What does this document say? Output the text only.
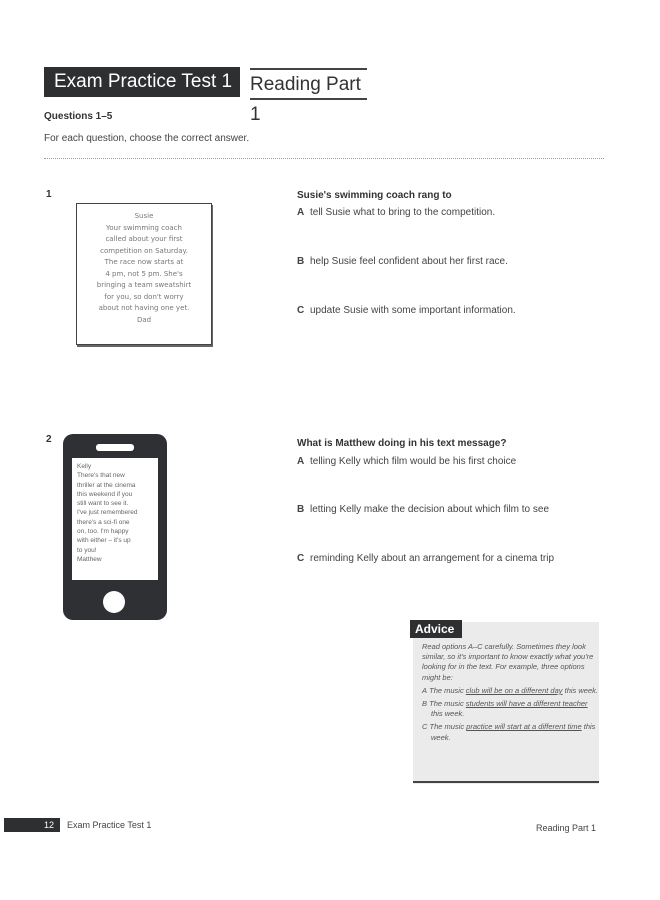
Exam Practice Test 1 Reading Part 1
Questions 1–5
For each question, choose the correct answer.
1
Susie
Your swimming coach
called about your first
competition on Saturday.
The race now starts at
4 pm, not 5 pm. She's
bringing a team sweatshirt
for you, so don't worry
about not having one yet.
Dad
Susie's swimming coach rang to
A tell Susie what to bring to the competition.
B help Susie feel confident about her first race.
C update Susie with some important information.
2
Kelly
There's that new
thriller at the cinema
this weekend if you
still want to see it.
I've just remembered
there's a sci-fi one
on, too. I'm happy
with either – it's up
to you!
Matthew
What is Matthew doing in his text message?
A telling Kelly which film would be his first choice
B letting Kelly make the decision about which film to see
C reminding Kelly about an arrangement for a cinema trip
Advice
Read options A–C carefully. Sometimes they look similar, so it's important to know exactly what you're looking for in the text. For example, three options might be:
A The music club will be on a different day this week.
B The music students will have a different teacher this week.
C The music practice will start at a different time this week.
12	Exam Practice Test 1	Reading Part 1
